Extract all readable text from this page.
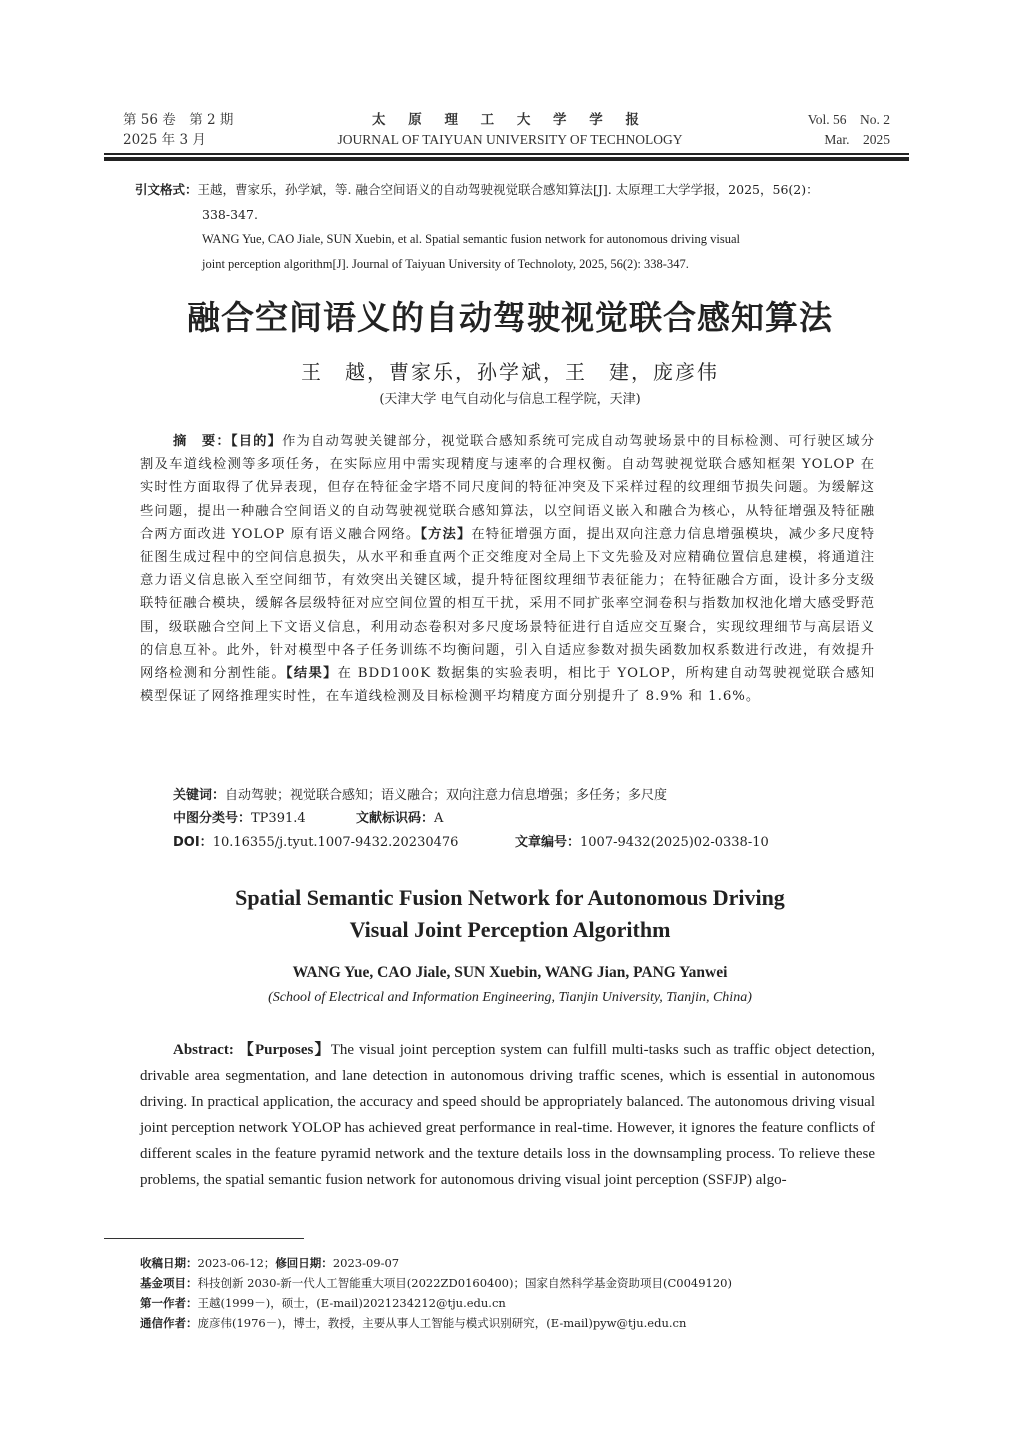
第 56 卷　第 2 期
2025 年 3 月
太 原 理 工 大 学 学 报
JOURNAL OF TAIYUAN UNIVERSITY OF TECHNOLOGY
Vol. 56　No. 2
Mar.　2025
引文格式：王越，曹家乐，孙学斌，等. 融合空间语义的自动驾驶视觉联合感知算法[J]. 太原理工大学学报，2025，56(2)：
338-347.
WANG Yue, CAO Jiale, SUN Xuebin, et al. Spatial semantic fusion network for autonomous driving visual
joint perception algorithm[J]. Journal of Taiyuan University of Technoloty, 2025, 56(2): 338-347.
融合空间语义的自动驾驶视觉联合感知算法
王　越，曹家乐，孙学斌，王　建，庞彦伟
(天津大学 电气自动化与信息工程学院，天津)
摘　要：【目的】作为自动驾驶关键部分，视觉联合感知系统可完成自动驾驶场景中的目标检测、可行驶区域分割及车道线检测等多项任务，在实际应用中需实现精度与速率的合理权衡。自动驾驶视觉联合感知框架 YOLOP 在实时性方面取得了优异表现，但存在特征金字塔不同尺度间的特征冲突及下采样过程的纹理细节损失问题。为缓解这些问题，提出一种融合空间语义的自动驾驶视觉联合感知算法，以空间语义嵌入和融合为核心，从特征增强及特征融合两方面改进 YOLOP 原有语义融合网络。【方法】在特征增强方面，提出双向注意力信息增强模块，减少多尺度特征图生成过程中的空间信息损失，从水平和垂直两个正交维度对全局上下文先验及对应精确位置信息建模，将通道注意力语义信息嵌入至空间细节，有效突出关键区域，提升特征图纹理细节表征能力；在特征融合方面，设计多分支级联特征融合模块，缓解各层级特征对应空间位置的相互干扰，采用不同扩张率空洞卷积与指数加权池化增大感受野范围，级联融合空间上下文语义信息，利用动态卷积对多尺度场景特征进行自适应交互聚合，实现纹理细节与高层语义的信息互补。此外，针对模型中各子任务训练不均衡问题，引入自适应参数对损失函数加权系数进行改进，有效提升网络检测和分割性能。【结果】在 BDD100K 数据集的实验表明，相比于 YOLOP，所构建自动驾驶视觉联合感知模型保证了网络推理实时性，在车道线检测及目标检测平均精度方面分别提升了 8.9% 和 1.6%。
关键词：自动驾驶；视觉联合感知；语义融合；双向注意力信息增强；多任务；多尺度
中图分类号：TP391.4	文献标识码：A
DOI：10.16355/j.tyut.1007-9432.20230476	文章编号：1007-9432(2025)02-0338-10
Spatial Semantic Fusion Network for Autonomous Driving
Visual Joint Perception Algorithm
WANG Yue, CAO Jiale, SUN Xuebin, WANG Jian, PANG Yanwei
(School of Electrical and Information Engineering, Tianjin University, Tianjin, China)
Abstract: 【Purposes】The visual joint perception system can fulfill multi-tasks such as traffic object detection, drivable area segmentation, and lane detection in autonomous driving traffic scenes, which is essential in autonomous driving. In practical application, the accuracy and speed should be appropriately balanced. The autonomous driving visual joint perception network YOLOP has achieved great performance in real-time. However, it ignores the feature conflicts of different scales in the feature pyramid network and the texture details loss in the downsampling process. To relieve these problems, the spatial semantic fusion network for autonomous driving visual joint perception (SSFJP) algo-
收稿日期：2023-06-12；修回日期：2023-09-07
基金项目：科技创新 2030-新一代人工智能重大项目(2022ZD0160400)；国家自然科学基金资助项目(C0049120)
第一作者：王越(1999－)，硕士，(E-mail)2021234212@tju.edu.cn
通信作者：庞彦伟(1976－)，博士，教授，主要从事人工智能与模式识别研究，(E-mail)pyw@tju.edu.cn
